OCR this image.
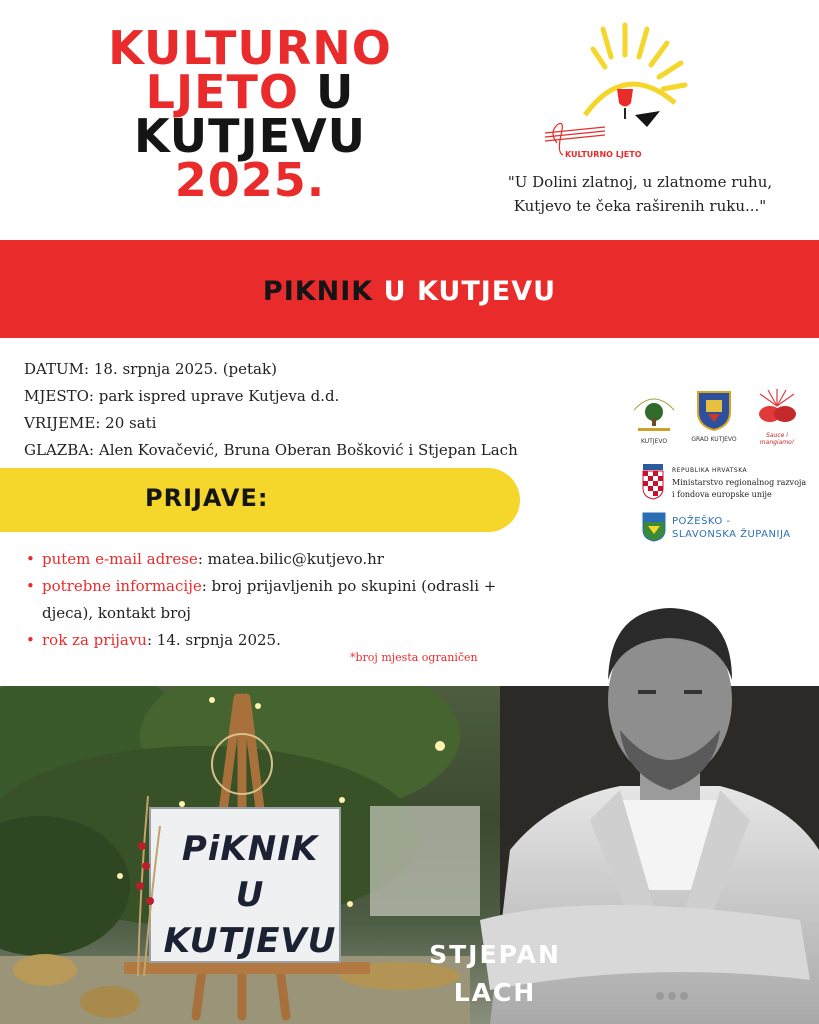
KULTURNO
LJETO U
KUTJEVU
2025.	KULTURNO LJETO
"U Dolini zlatnoj, u zlatnome ruhu,
Kutjevo te čeka raširenih ruku..."
PIKNIK U KUTJEVU
DATUM: 18. srpnja 2025. (petak)
MJESTO: park ispred uprave Kutjeva d.d.
VRIJEME: 20 sati
GLAZBA: Alen Kovačević, Bruna Oberan Bošković i Stjepan Lach
PRIJAVE:
• putem e-mail adrese: matea.bilic@kutjevo.hr
• potrebne informacije: broj prijavljenih po skupini (odrasli + djeca), kontakt broj
• rok za prijavu: 14. srpnja 2025.
*broj mjesta ograničen
KUTJEVO	GRAD KUTJEVO
Sauce i mangiamo!
REPUBLIKA HRVATSKA
Ministarstvo regionalnog razvoja
i fondova europske unije
POŽEŠKO -
SLAVONSKA ŽUPANIJA
PiKNIK
U KUTJEVU	STJEPAN
LACH
